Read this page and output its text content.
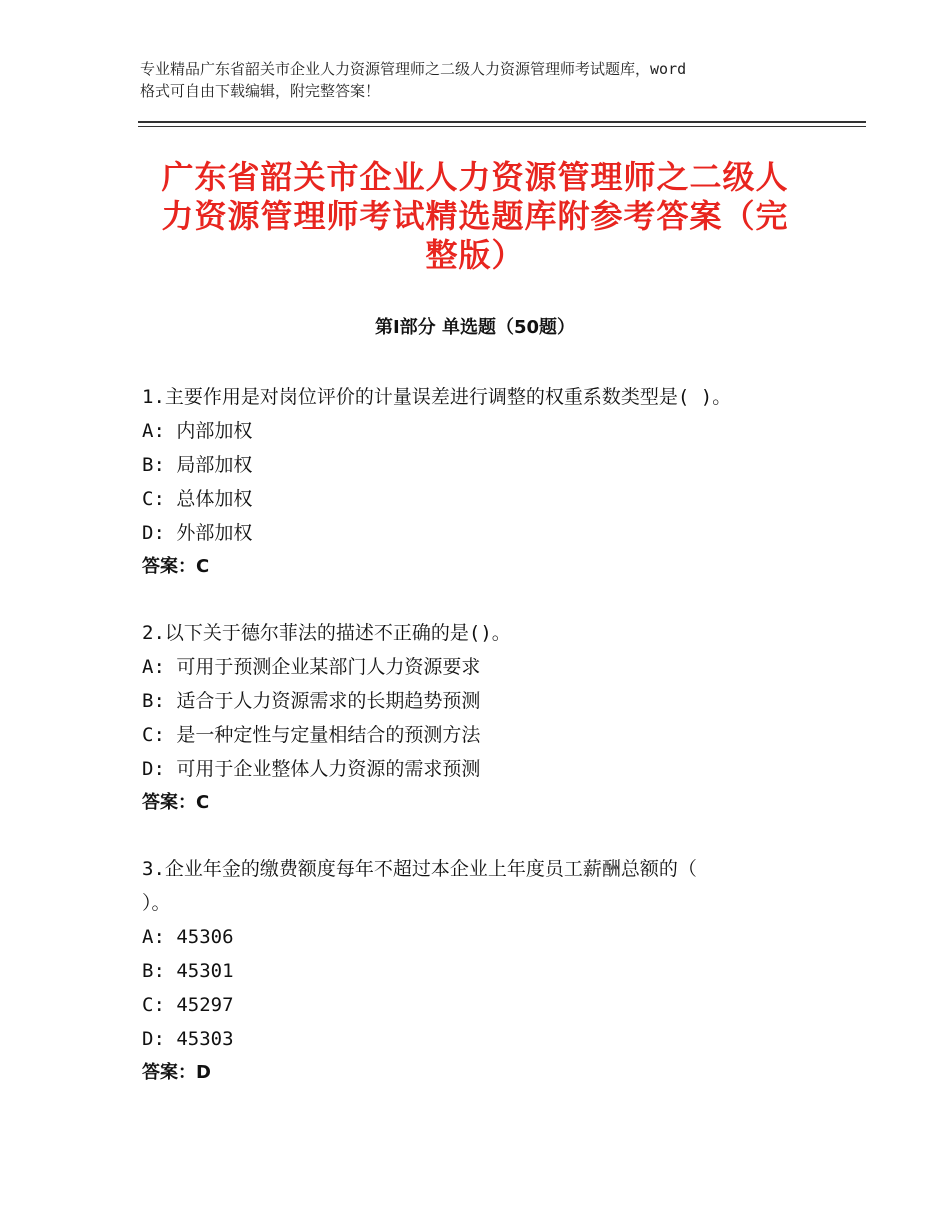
专业精品广东省韶关市企业人力资源管理师之二级人力资源管理师考试题库，word
格式可自由下载编辑，附完整答案！
广东省韶关市企业人力资源管理师之二级人
力资源管理师考试精选题库附参考答案（完
整版）
第Ⅰ部分 单选题（50题）
1.主要作用是对岗位评价的计量误差进行调整的权重系数类型是( )。
A: 内部加权
B: 局部加权
C: 总体加权
D: 外部加权
答案：C
2.以下关于德尔菲法的描述不正确的是()。
A: 可用于预测企业某部门人力资源要求
B: 适合于人力资源需求的长期趋势预测
C: 是一种定性与定量相结合的预测方法
D: 可用于企业整体人力资源的需求预测
答案：C
3.企业年金的缴费额度每年不超过本企业上年度员工薪酬总额的（
）。
A: 45306
B: 45301
C: 45297
D: 45303
答案：D
